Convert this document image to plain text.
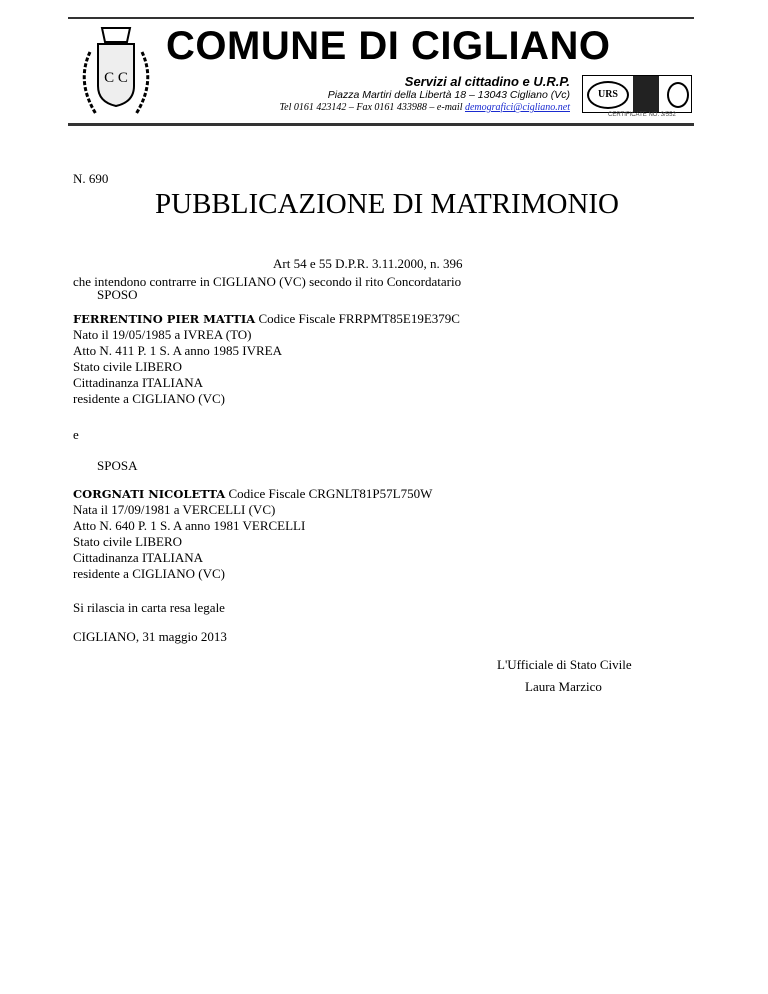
C C
COMUNE DI CIGLIANO
Servizi al cittadino e U.R.P.
Piazza Martiri della Libertà 18 – 13043 Cigliano (Vc)
Tel 0161 423142 – Fax 0161 433988 – e-mail demografici@cigliano.net
URS
CERTIFICATE NO. 3/552
N. 690
PUBBLICAZIONE DI MATRIMONIO
Art 54 e 55 D.P.R. 3.11.2000, n. 396
che intendono contrarre in CIGLIANO (VC) secondo il rito Concordatario
SPOSO
FERRENTINO PIER MATTIA Codice Fiscale FRRPMT85E19E379C
Nato il 19/05/1985 a IVREA (TO)
Atto N. 411 P. 1 S. A anno 1985 IVREA
Stato civile LIBERO
Cittadinanza ITALIANA
residente a CIGLIANO (VC)
e
SPOSA
CORGNATI NICOLETTA Codice Fiscale CRGNLT81P57L750W
Nata il 17/09/1981 a VERCELLI (VC)
Atto N. 640 P. 1 S. A anno 1981 VERCELLI
Stato civile LIBERO
Cittadinanza ITALIANA
residente a CIGLIANO (VC)
Si rilascia in carta resa legale
CIGLIANO, 31 maggio 2013
L'Ufficiale di Stato Civile
Laura Marzico
